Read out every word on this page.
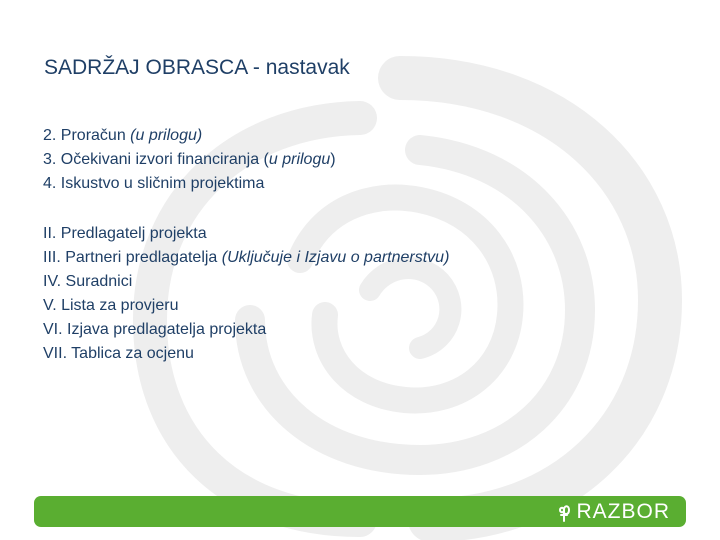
SADRŽAJ OBRASCA - nastavak
2. Proračun (u prilogu)
3. Očekivani izvori financiranja (u prilogu)
4. Iskustvo u sličnim projektima
II. Predlagatelj projekta
III. Partneri predlagatelja (Uključuje i Izjavu o partnerstvu)
IV. Suradnici
V. Lista za provjeru
VI. Izjava predlagatelja projekta
VII. Tablica za ocjenu
RAZBOR
